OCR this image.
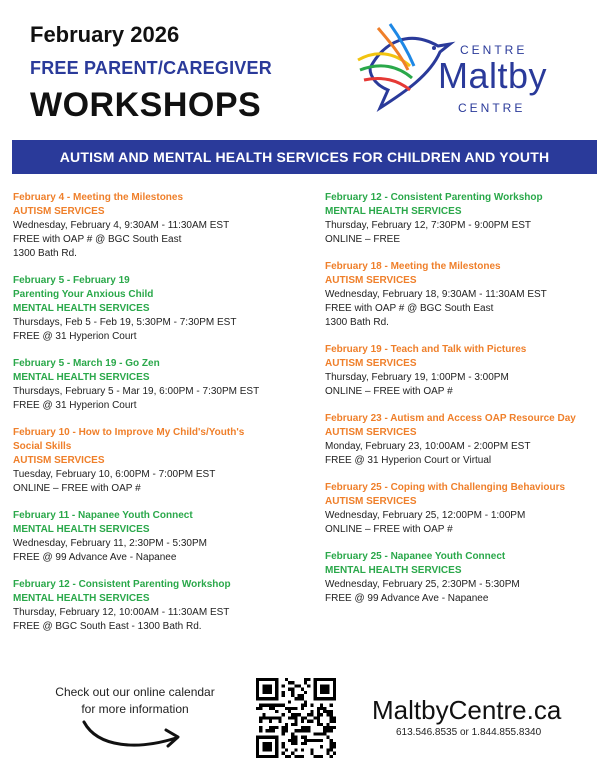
February 2026
FREE PARENT/CAREGIVER
WORKSHOPS
CENTRE
Maltby
CENTRE
AUTISM AND MENTAL HEALTH SERVICES FOR CHILDREN AND YOUTH
February 4 - Meeting the Milestones
AUTISM SERVICES
Wednesday, February 4, 9:30AM - 11:30AM EST
FREE with OAP # @ BGC South East
1300 Bath Rd.
February 5 - February 19
Parenting Your Anxious Child
MENTAL HEALTH SERVICES
Thursdays, Feb 5 - Feb 19, 5:30PM - 7:30PM EST
FREE @ 31 Hyperion Court
February 5 - March 19 - Go Zen
MENTAL HEALTH SERVICES
Thursdays, February 5 - Mar 19, 6:00PM - 7:30PM EST
FREE @ 31 Hyperion Court
February 10 - How to Improve My Child's/Youth's
Social Skills
AUTISM SERVICES
Tuesday, February 10, 6:00PM - 7:00PM EST
ONLINE – FREE with OAP #
February 11 - Napanee Youth Connect
MENTAL HEALTH SERVICES
Wednesday, February 11, 2:30PM - 5:30PM
FREE @ 99 Advance Ave - Napanee
February 12 - Consistent Parenting Workshop
MENTAL HEALTH SERVICES
Thursday, February 12, 10:00AM - 11:30AM EST
FREE @ BGC South East - 1300 Bath Rd.
February 12 - Consistent Parenting Workshop
MENTAL HEALTH SERVICES
Thursday, February 12, 7:30PM - 9:00PM EST
ONLINE – FREE
February 18 - Meeting the Milestones
AUTISM SERVICES
Wednesday, February 18, 9:30AM - 11:30AM EST
FREE with OAP # @ BGC South East
1300 Bath Rd.
February 19 - Teach and Talk with Pictures
AUTISM SERVICES
Thursday, February 19, 1:00PM - 3:00PM
ONLINE – FREE with OAP #
February 23 - Autism and Access OAP Resource Day
AUTISM SERVICES
Monday, February 23, 10:00AM - 2:00PM EST
FREE @ 31 Hyperion Court or Virtual
February 25 - Coping with Challenging Behaviours
AUTISM SERVICES
Wednesday, February 25, 12:00PM - 1:00PM
ONLINE – FREE with OAP #
February 25 - Napanee Youth Connect
MENTAL HEALTH SERVICES
Wednesday, February 25, 2:30PM - 5:30PM
FREE @ 99 Advance Ave - Napanee
Check out our online calendar
for more information	MaltbyCentre.ca
613.546.8535 or 1.844.855.8340
